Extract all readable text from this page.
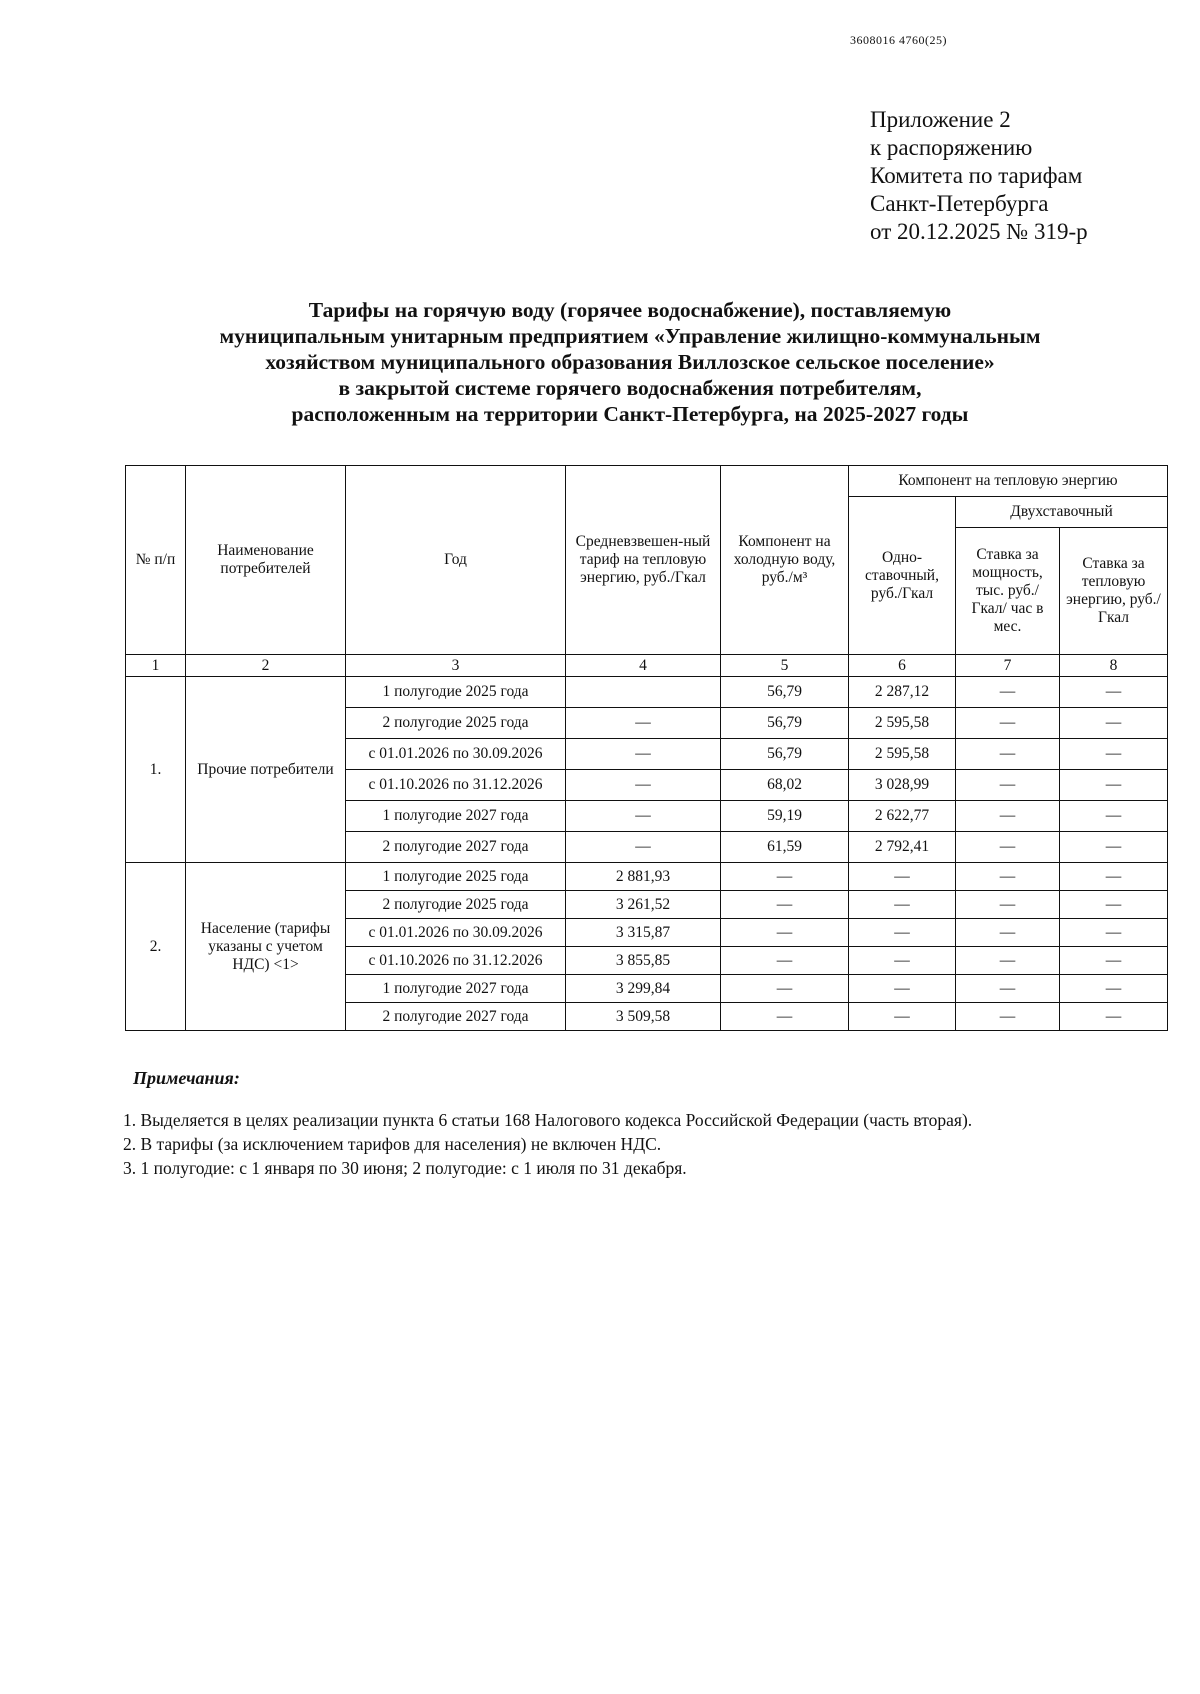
3608016 4760(25)
Приложение 2
к распоряжению
Комитета по тарифам
Санкт-Петербурга
от 20.12.2025 № 319-р
Тарифы на горячую воду (горячее водоснабжение), поставляемую
муниципальным унитарным предприятием «Управление жилищно-коммунальным
хозяйством муниципального образования Виллозское сельское поселение»
в закрытой системе горячего водоснабжения потребителям,
расположенным на территории Санкт-Петербурга, на 2025-2027 годы
№ п/п	Наименование потребителей	Год	Средневзвешен-ный тариф на тепловую энергию, руб./Гкал	Компонент на холодную воду, руб./м³	Компонент на тепловую энергию		
					Одно-ставочный, руб./Гкал	Двухставочный	
						Ставка за мощность, тыс. руб./Гкал/ час в мес.	Ставка за тепловую энергию, руб./Гкал
1	2	3	4	5	6	7	8
1.	Прочие потребители	1 полугодие 2025 года		56,79	2 287,12	—	—
		2 полугодие 2025 года	—	56,79	2 595,58	—	—
		с 01.01.2026 по 30.09.2026	—	56,79	2 595,58	—	—
		с 01.10.2026 по 31.12.2026	—	68,02	3 028,99	—	—
		1 полугодие 2027 года	—	59,19	2 622,77	—	—
		2 полугодие 2027 года	—	61,59	2 792,41	—	—
2.	Население (тарифы указаны с учетом НДС) <1>	1 полугодие 2025 года	2 881,93	—	—	—	—
		2 полугодие 2025 года	3 261,52	—	—	—	—
		с 01.01.2026 по 30.09.2026	3 315,87	—	—	—	—
		с 01.10.2026 по 31.12.2026	3 855,85	—	—	—	—
		1 полугодие 2027 года	3 299,84	—	—	—	—
		2 полугодие 2027 года	3 509,58	—	—	—	—
Примечания:
1. Выделяется в целях реализации пункта 6 статьи 168 Налогового кодекса Российской Федерации (часть вторая).
2. В тарифы (за исключением тарифов для населения) не включен НДС.
3. 1 полугодие: с 1 января по 30 июня; 2 полугодие: с 1 июля по 31 декабря.
